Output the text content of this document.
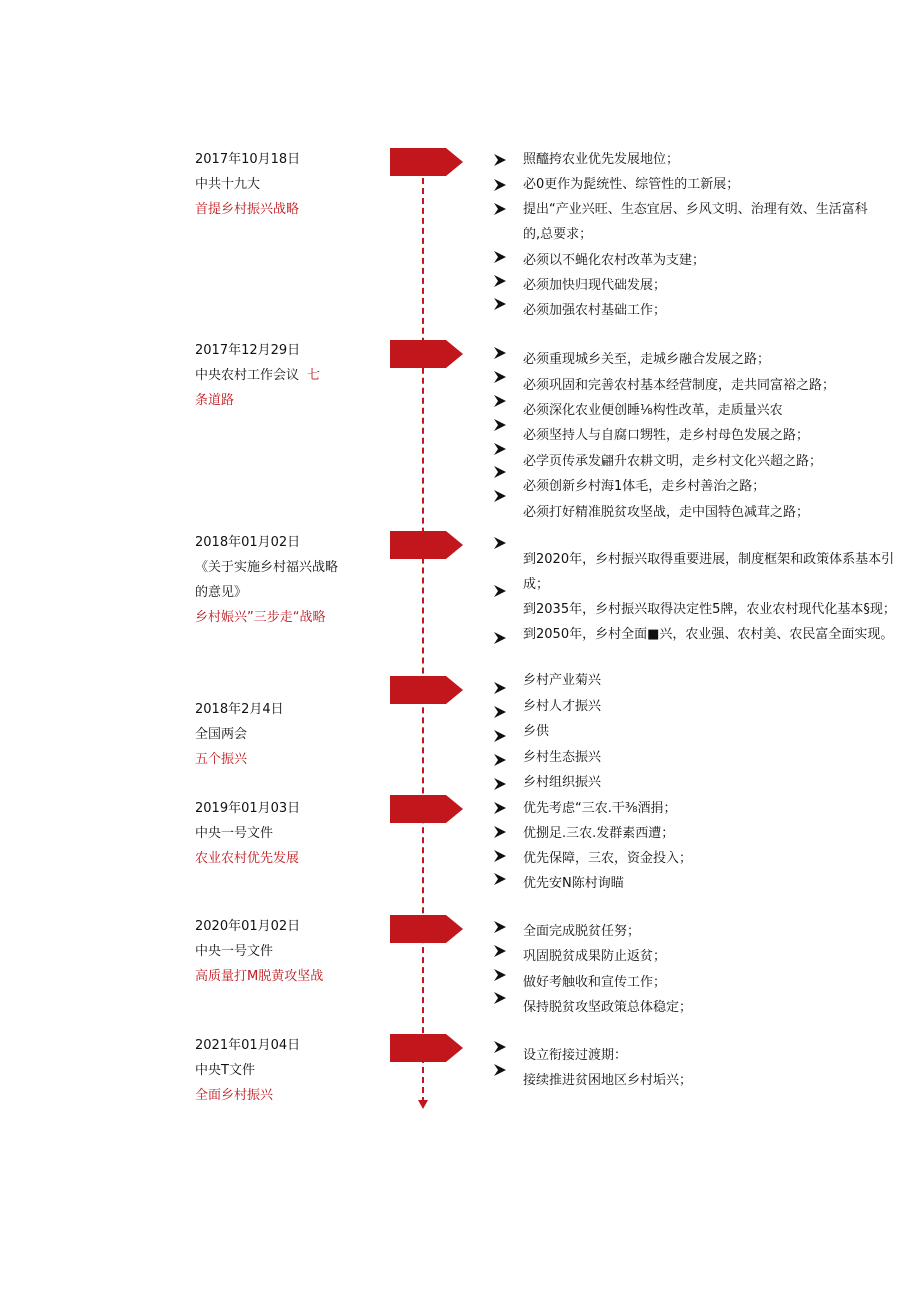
2017年10月18日
中共十九大
首提乡村振兴战略
照醯挎农业优先发展地位；
必0更作为髭统性、综管性的工新展；
提出“产业兴旺、生态宜居、乡风文明、治理有效、生活富科
的,总要求；
必须以不蝇化农村改革为支建；
必须加快归现代础发展；
必须加强农村基础工作；
2017年12月29日
中央农村工作会议 七
条道路
必须重现城乡关至，走城乡融合发展之路；
必须巩固和完善农村基本经营制度，走共同富裕之路；
必须深化农业便创睡⅛构性改革，走质量兴农
必须坚持人与自腐口甥牲，走乡村母色发展之路；
必学页传承发翩升农耕文明，走乡村文化兴超之路；
必须创新乡村海1体毛，走乡村善治之路；
必须打好精准脱贫攻坚战，走中国特色减茸之路；
2018年01月02日
《关于实施乡村福兴战略
的意见》
乡村娠兴”三步走“战略
到2020年，乡村振兴取得重要进展，制度框架和政策体系基本引
成；
到2035年，乡村振兴取得决定性5牌，农业农村现代化基本§现；
到2050年，乡村全面■兴，农业强、农村美、农民富全面实现。
2018年2月4日
全国两会
五个振兴
乡村产业菊兴
乡村人才振兴
乡供
乡村生态振兴
乡村组织振兴
2019年01月03日
中央一号文件
农业农村优先发展
优先考虑“三农.干⅜酒捐；
优捌足.三农.发群素西遭；
优先保障，三农，资金投入；
优先安N陈村询瞄
2020年01月02日
中央一号文件
高质量打M脱黄攻坚战
全面完成脱贫任努；
巩固脱贫成果防止返贫；
做好考触收和宣传工作；
保持脱贫攻坚政策总体稳定；
2021年01月04日
中央T文件
全面乡村振兴
设立衔接过渡期：
接续推进贫困地区乡村垢兴；
